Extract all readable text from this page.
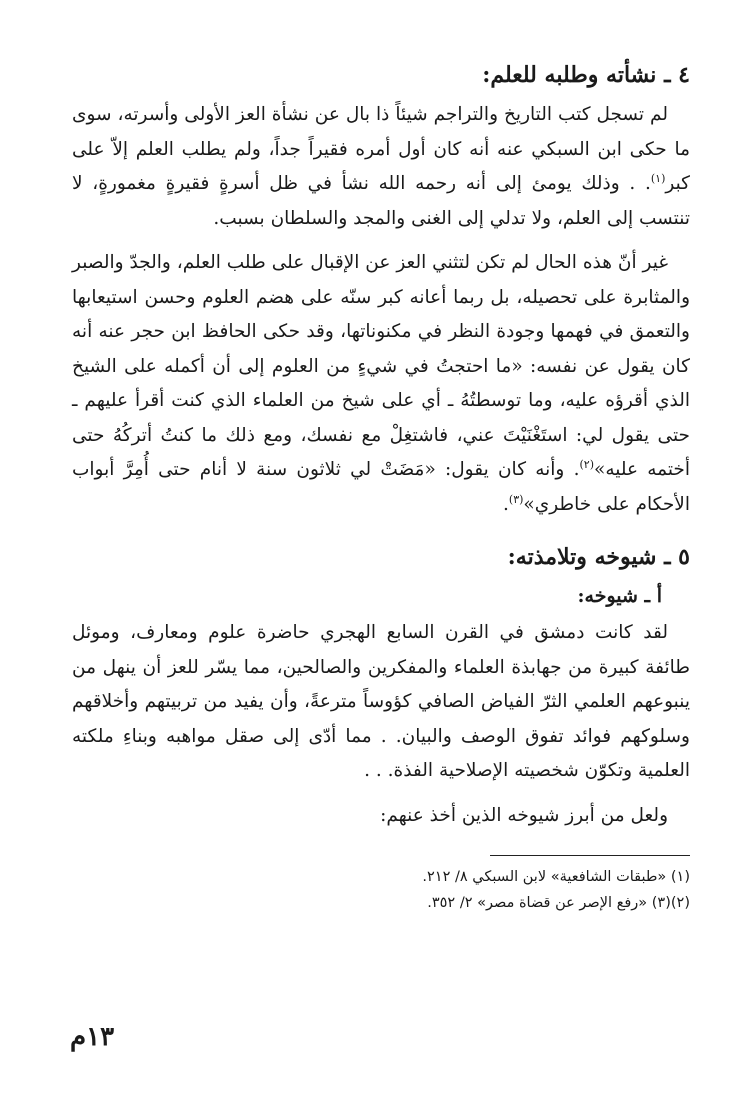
٤ ـ نشأته وطلبه للعلم:

لم تسجل كتب التاريخ والتراجم شيئاً ذا بال عن نشأة العز الأولى وأسرته، سوى ما حكى ابن السبكي عنه أنه كان أول أمره فقيراً جداً، ولم يطلب العلم إلاّ على كبر$^{(١)}$. . وذلك يومئ إلى أنه رحمه الله نشأ في ظل أسرةٍ فقيرةٍ مغمورةٍ، لا تنتسب إلى العلم، ولا تدلي إلى الغنى والمجد والسلطان بسبب.

غير أنّ هذه الحال لم تكن لتثني العز عن الإقبال على طلب العلم، والجدّ والصبر والمثابرة على تحصيله، بل ربما أعانه كبر سنّه على هضم العلوم وحسن استيعابها والتعمق في فهمها وجودة النظر في مكنوناتها، وقد حكى الحافظ ابن حجر عنه أنه كان يقول عن نفسه: «ما احتجتُ في شيءٍ من العلوم إلى أن أكمله على الشيخ الذي أقرؤه عليه، وما توسطتُهُ ـ أي على شيخ من العلماء الذي كنت أقرأ عليهم ـ حتى يقول لي: استَغْنَيْتَ عني، فاشتغِلْ مع نفسك، ومع ذلك ما كنتُ أتركُهُ حتى أختمه عليه»$^{(٢)}$. وأنه كان يقول: «مَضَتْ لي ثلاثون سنة لا أنام حتى أُمِرَّ أبواب الأحكام على خاطري»$^{(٣)}$.

٥ ـ شيوخه وتلامذته:
أ ـ شيوخه:

لقد كانت دمشق في القرن السابع الهجري حاضرة علوم ومعارف، وموئل طائفة كبيرة من جهابذة العلماء والمفكرين والصالحين، مما يسّر للعز أن ينهل من ينبوعهم العلمي الثرّ الفياض الصافي كؤوساً مترعةً، وأن يفيد من تربيتهم وأخلاقهم وسلوكهم فوائد تفوق الوصف والبيان. . مما أدّى إلى صقل مواهبه وبناءِ ملكته العلمية وتكوّن شخصيته الإصلاحية الفذة. . .

ولعل من أبرز شيوخه الذين أخذ عنهم:

(١) «طبقات الشافعية» لابن السبكي ٨/ ٢١٢.
(٢)(٣) «رفع الإصر عن قضاة مصر» ٢/ ٣٥٢.
١٣م
